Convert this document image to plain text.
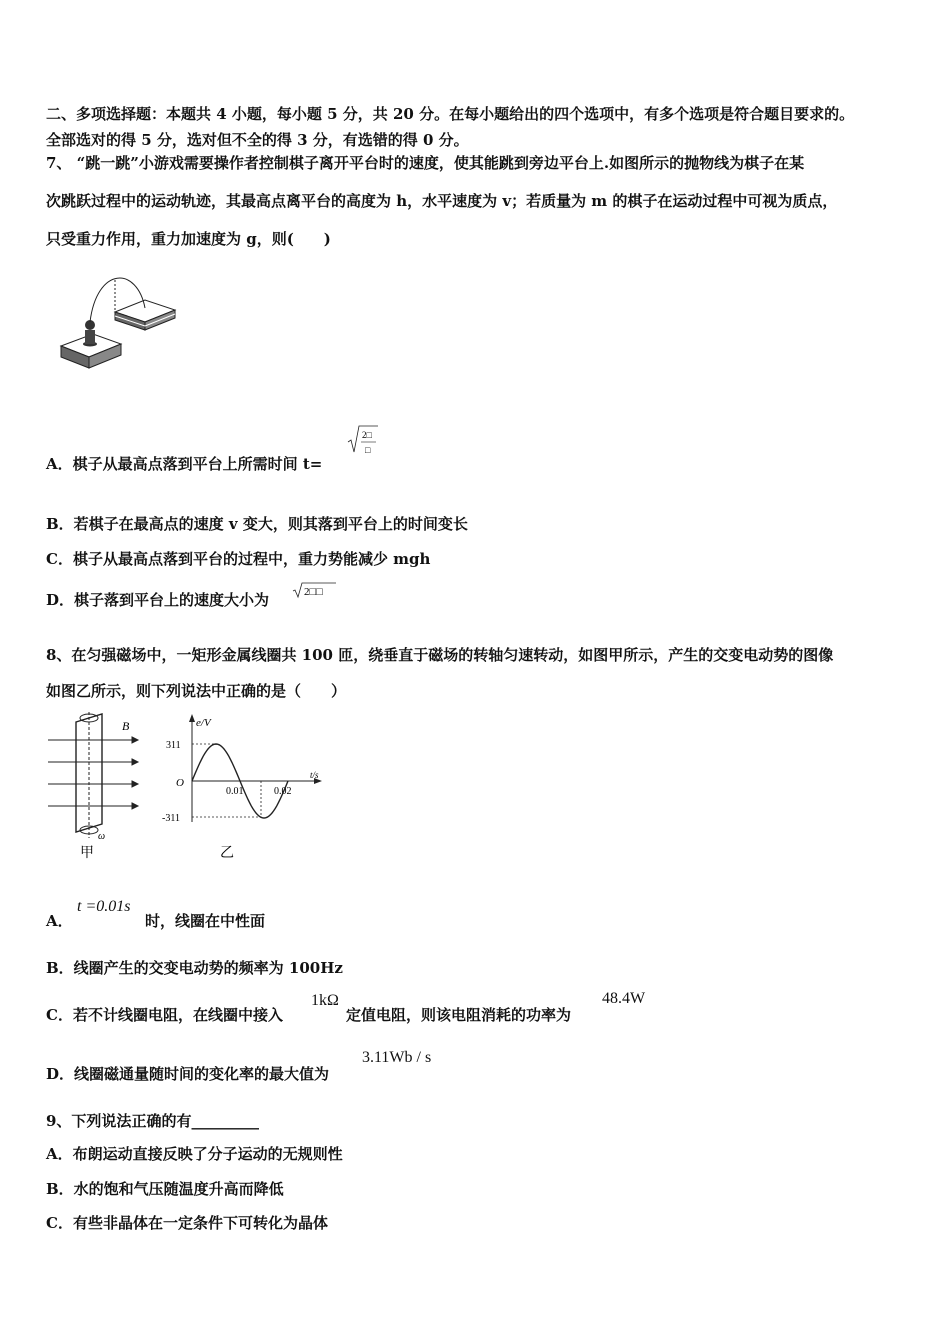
二、多项选择题：本题共 4 小题，每小题 5 分，共 20 分。在每小题给出的四个选项中，有多个选项是符合题目要求的。
全部选对的得 5 分，选对但不全的得 3 分，有选错的得 0 分。
7、 “跳一跳”小游戏需要操作者控制棋子离开平台时的速度，使其能跳到旁边平台上.如图所示的抛物线为棋子在某
次跳跃过程中的运动轨迹，其最高点离平台的高度为 h，水平速度为 v；若质量为 m 的棋子在运动过程中可视为质点，
只受重力作用，重力加速度为 g，则(　　)
A．棋子从最高点落到平台上所需时间 t=
2□
□
B．若棋子在最高点的速度 v 变大，则其落到平台上的时间变长
C．棋子从最高点落到平台的过程中，重力势能减少 mgh
D．棋子落到平台上的速度大小为	2□□
8、在匀强磁场中，一矩形金属线圈共 100 匝，绕垂直于磁场的转轴匀速转动，如图甲所示，产生的交变电动势的图像
如图乙所示，则下列说法中正确的是（　　）
B
ω
甲
e/V
t/s
O
311
-311
0.01	0.02
乙
A．
t =0.01s
时，线圈在中性面
B．线圈产生的交变电动势的频率为 100Hz
C．若不计线圈电阻，在线圈中接入
1kΩ
定值电阻，则该电阻消耗的功率为
48.4W
D．线圈磁通量随时间的变化率的最大值为
3.11Wb / s
9、下列说法正确的有_________
A．布朗运动直接反映了分子运动的无规则性
B．水的饱和气压随温度升高而降低
C．有些非晶体在一定条件下可转化为晶体
